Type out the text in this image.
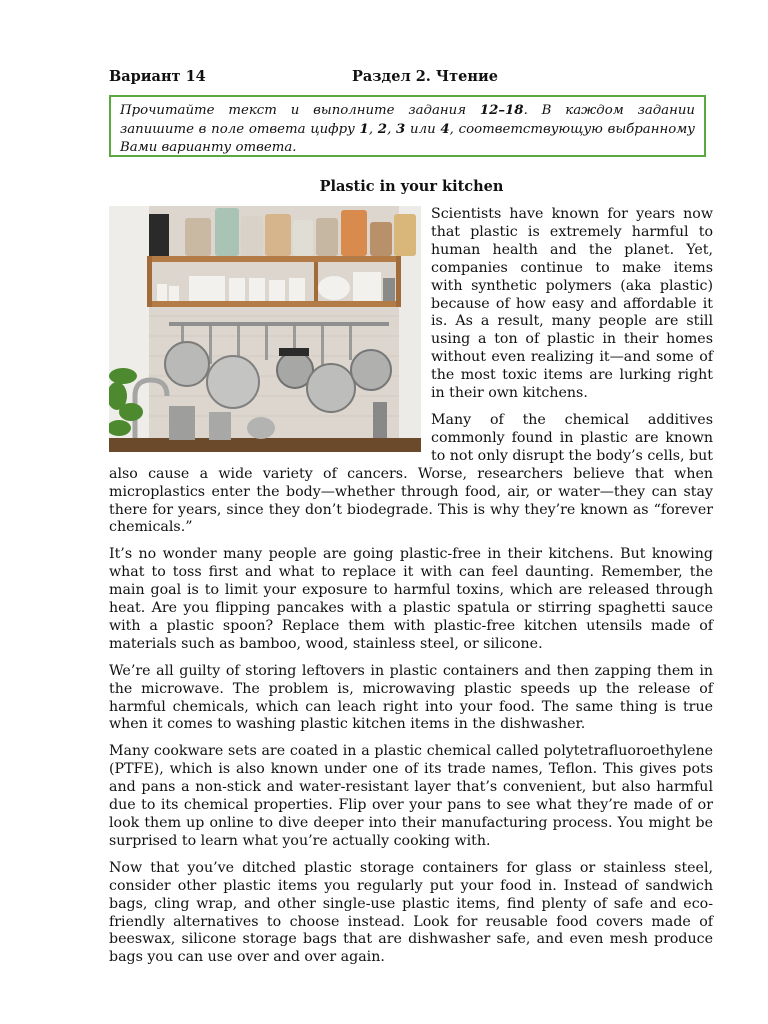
Вариант 14	Раздел 2. Чтение
Прочитайте текст и выполните задания 12–18. В каждом задании запишите в поле ответа цифру 1, 2, 3 или 4, соответствующую выбранному Вами варианту ответа.
Plastic in your kitchen

Scientists have known for years now that plastic is extremely harmful to human health and the planet. Yet, companies continue to make items with synthetic polymers (aka plastic) because of how easy and affordable it is. As a result, many people are still using a ton of plastic in their homes without even realizing it—and some of the most toxic items are lurking right in their own kitchens.

Many of the chemical additives commonly found in plastic are known to not only disrupt the body’s cells, but also cause a wide variety of cancers. Worse, researchers believe that when microplastics enter the body—whether through food, air, or water—they can stay there for years, since they don’t biodegrade. This is why they’re known as “forever chemicals.”

It’s no wonder many people are going plastic-free in their kitchens. But knowing what to toss first and what to replace it with can feel daunting. Remember, the main goal is to limit your exposure to harmful toxins, which are released through heat. Are you flipping pancakes with a plastic spatula or stirring spaghetti sauce with a plastic spoon? Replace them with plastic-free kitchen utensils made of materials such as bamboo, wood, stainless steel, or silicone.

We’re all guilty of storing leftovers in plastic containers and then zapping them in the microwave. The problem is, microwaving plastic speeds up the release of harmful chemicals, which can leach right into your food. The same thing is true when it comes to washing plastic kitchen items in the dishwasher.

Many cookware sets are coated in a plastic chemical called polytetrafluoroethylene (PTFE), which is also known under one of its trade names, Teflon. This gives pots and pans a non-stick and water-resistant layer that’s convenient, but also harmful due to its chemical properties. Flip over your pans to see what they’re made of or look them up online to dive deeper into their manufacturing process. You might be surprised to learn what you’re actually cooking with.

Now that you’ve ditched plastic storage containers for glass or stainless steel, consider other plastic items you regularly put your food in. Instead of sandwich bags, cling wrap, and other single-use plastic items, find plenty of safe and eco-friendly alternatives to choose instead. Look for reusable food covers made of beeswax, silicone storage bags that are dishwasher safe, and even mesh produce bags you can use over and over again.
